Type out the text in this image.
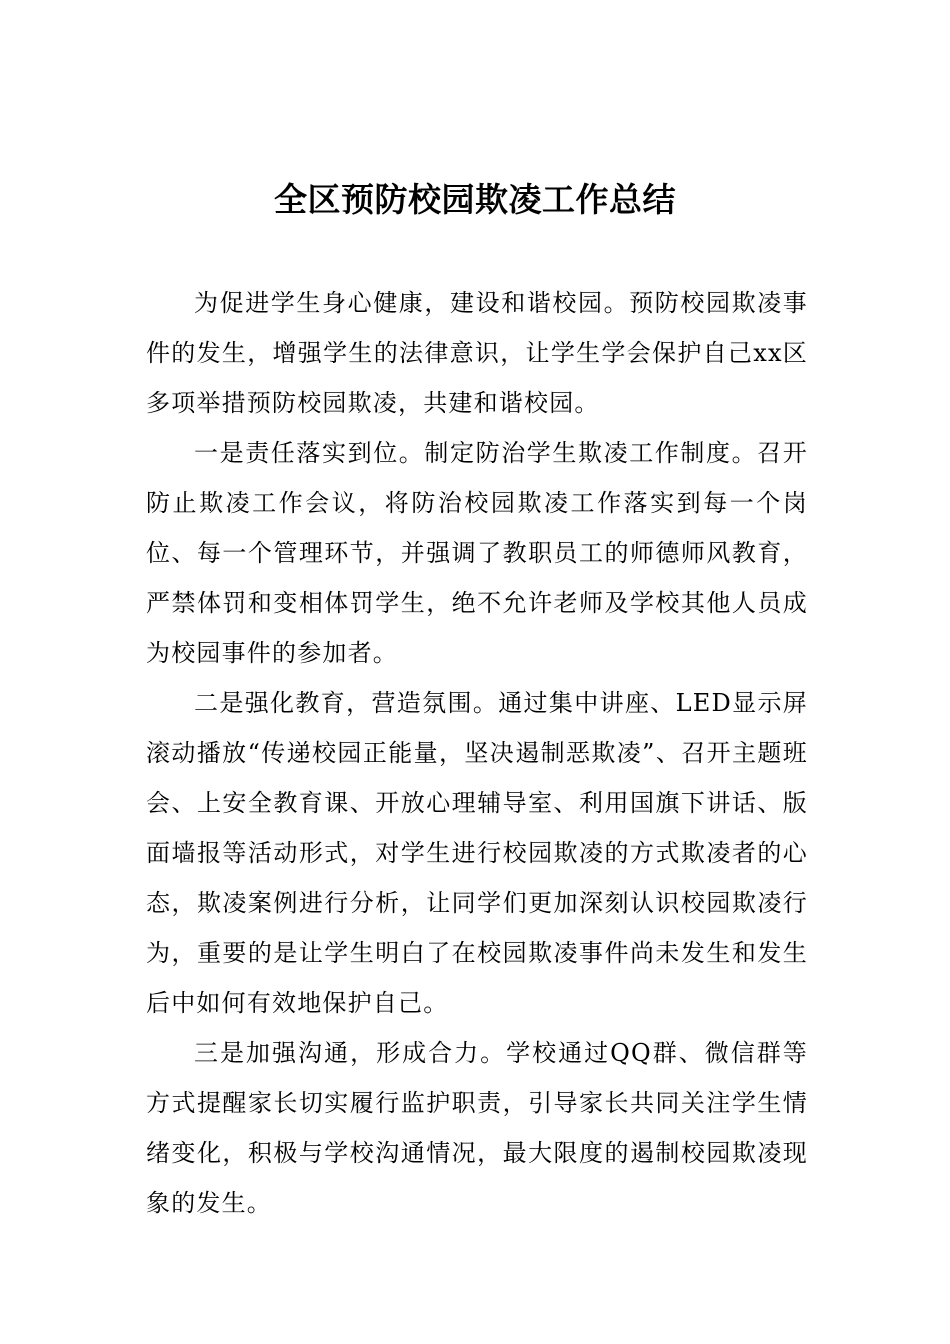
全区预防校园欺凌工作总结

为促进学生身心健康，建设和谐校园。预防校园欺凌事件的发生，增强学生的法律意识，让学生学会保护自己xx区多项举措预防校园欺凌，共建和谐校园。

一是责任落实到位。制定防治学生欺凌工作制度。召开防止欺凌工作会议，将防治校园欺凌工作落实到每一个岗位、每一个管理环节，并强调了教职员工的师德师风教育，严禁体罚和变相体罚学生，绝不允许老师及学校其他人员成为校园事件的参加者。

二是强化教育，营造氛围。通过集中讲座、LED显示屏滚动播放“传递校园正能量，坚决遏制恶欺凌”、召开主题班会、上安全教育课、开放心理辅导室、利用国旗下讲话、版面墙报等活动形式，对学生进行校园欺凌的方式欺凌者的心态，欺凌案例进行分析，让同学们更加深刻认识校园欺凌行为，重要的是让学生明白了在校园欺凌事件尚未发生和发生后中如何有效地保护自己。

三是加强沟通，形成合力。学校通过QQ群、微信群等方式提醒家长切实履行监护职责，引导家长共同关注学生情绪变化，积极与学校沟通情况，最大限度的遏制校园欺凌现象的发生。
